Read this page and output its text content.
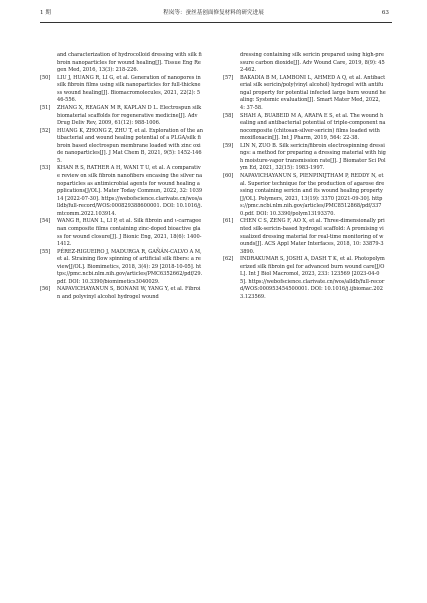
1 期	程岚等：蚕丝基创面修复材料的研究进展	63
and characterization of hydrocolloid dressing with silk fibroin nanoparticles for wound healing[J]. Tissue Eng Regen Med, 2016, 13(3): 218-226.
[50] LIU J, HUANG R, LI G, et al. Generation of nanopores in silk fibroin films using silk nanoparticles for full-thickness wound healing[J]. Biomacromolecules, 2021, 22(2): 546-556.
[51] ZHANG X, REAGAN M R, KAPLAN D L. Electrospun silk biomaterial scaffolds for regenerative medicine[J]. Adv Drug Deliv Rev, 2009, 61(12): 988-1006.
[52] HUANG K, ZHONG Z, ZHU T, et al. Exploration of the antibacterial and wound healing potential of a PLGA/silk fibroin based electrospun membrane loaded with zinc oxide nanoparticles[J]. J Mat Chem B, 2021, 9(5): 1452-1465.
[53] KHAN R S, RATHER A H, WANI T U, et al. A comparative review on silk fibroin nanofibers encasing the silver nanoparticles as antimicrobial agents for wound healing applications[J/OL]. Mater Today Commun, 2022, 32: 103914 [2022-07-30]. https://webofscience.clarivate.cn/wos/alldb/full-record/WOS:000829388600001. DOI: 10.1016/j.mtcomm.2022.103914.
[54] WANG R, RUAN L, LI P, et al. Silk fibroin and ι-carrageenan composite films containing zinc-doped bioactive glass for wound closure[J]. J Bionic Eng, 2021, 18(6): 1400-1412.
[55] PÉREZ-RIGUEIRO J, MADURGA R, GAÑÁN-CALVO A M, et al. Straining flow spinning of artificial silk fibers: a review[J/OL]. Biomimetics, 2018, 3(4): 29 [2018-10-05]. https://pmc.ncbi.nlm.nih.gov/articles/PMC6352662/pdf/29.pdf. DOI: 10.3390/biomimetics3040029.
[56] NAPAVICHAYANUN S, BONANI W, YANG Y, et al. Fibroin and polyvinyl alcohol hydrogel wound
dressing containing silk sericin prepared using high-pressure carbon dioxide[J]. Adv Wound Care, 2019, 8(9): 452-462.
[57] BAKADIA B M, LAMBONI L, AHMED A Q, et al. Antibacterial silk sericin/poly(vinyl alcohol) hydrogel with antifungal property for potential infected large burn wound healing: Systemic evaluation[J]. Smart Mater Med, 2022, 4: 37-58.
[58] SHAH A, BUABEID M A, ARAFA E S, et al. The wound healing and antibacterial potential of triple-component nanocomposite (chitosan-silver-sericin) films loaded with moxifloxacin[J]. Int J Pharm, 2019, 564: 22-38.
[59] LIN N, ZUO B. Silk sericin/fibroin electrospinning dressings: a method for preparing a dressing material with high moisture-vapor transmission rate[J]. J Biomater Sci Polym Ed, 2021, 32(15): 1983-1997.
[60] NAPAVICHAYANUN S, PIENPINIJTHAM P, REDDY N, et al. Superior technique for the production of agarose dressing containing sericin and its wound healing property[J/OL]. Polymers, 2021, 13(19): 3370 [2021-09-30]. https://pmc.ncbi.nlm.nih.gov/articles/PMC8512868/pdf/3370.pdf. DOI: 10.3390/polym13193370.
[61] CHEN C S, ZENG F, AO X, et al. Three-dimensionally printed silk-sericin-based hydrogel scaffold: A promising visualized dressing material for real-time monitoring of wounds[J]. ACS Appl Mater Interfaces, 2018, 10: 33879-33890.
[62] INDRAKUMAR S, JOSHI A, DASH T K, et al. Photopolymerized silk fibroin gel for advanced burn wound care[J/OL]. Int J Biol Macromol, 2023, 233: 123569 [2023-04-05]. https://webofscience.clarivate.cn/wos/alldb/full-record/WOS:000953454500001. DOI: 10.1016/j.ijbiomac.2023.123569.
